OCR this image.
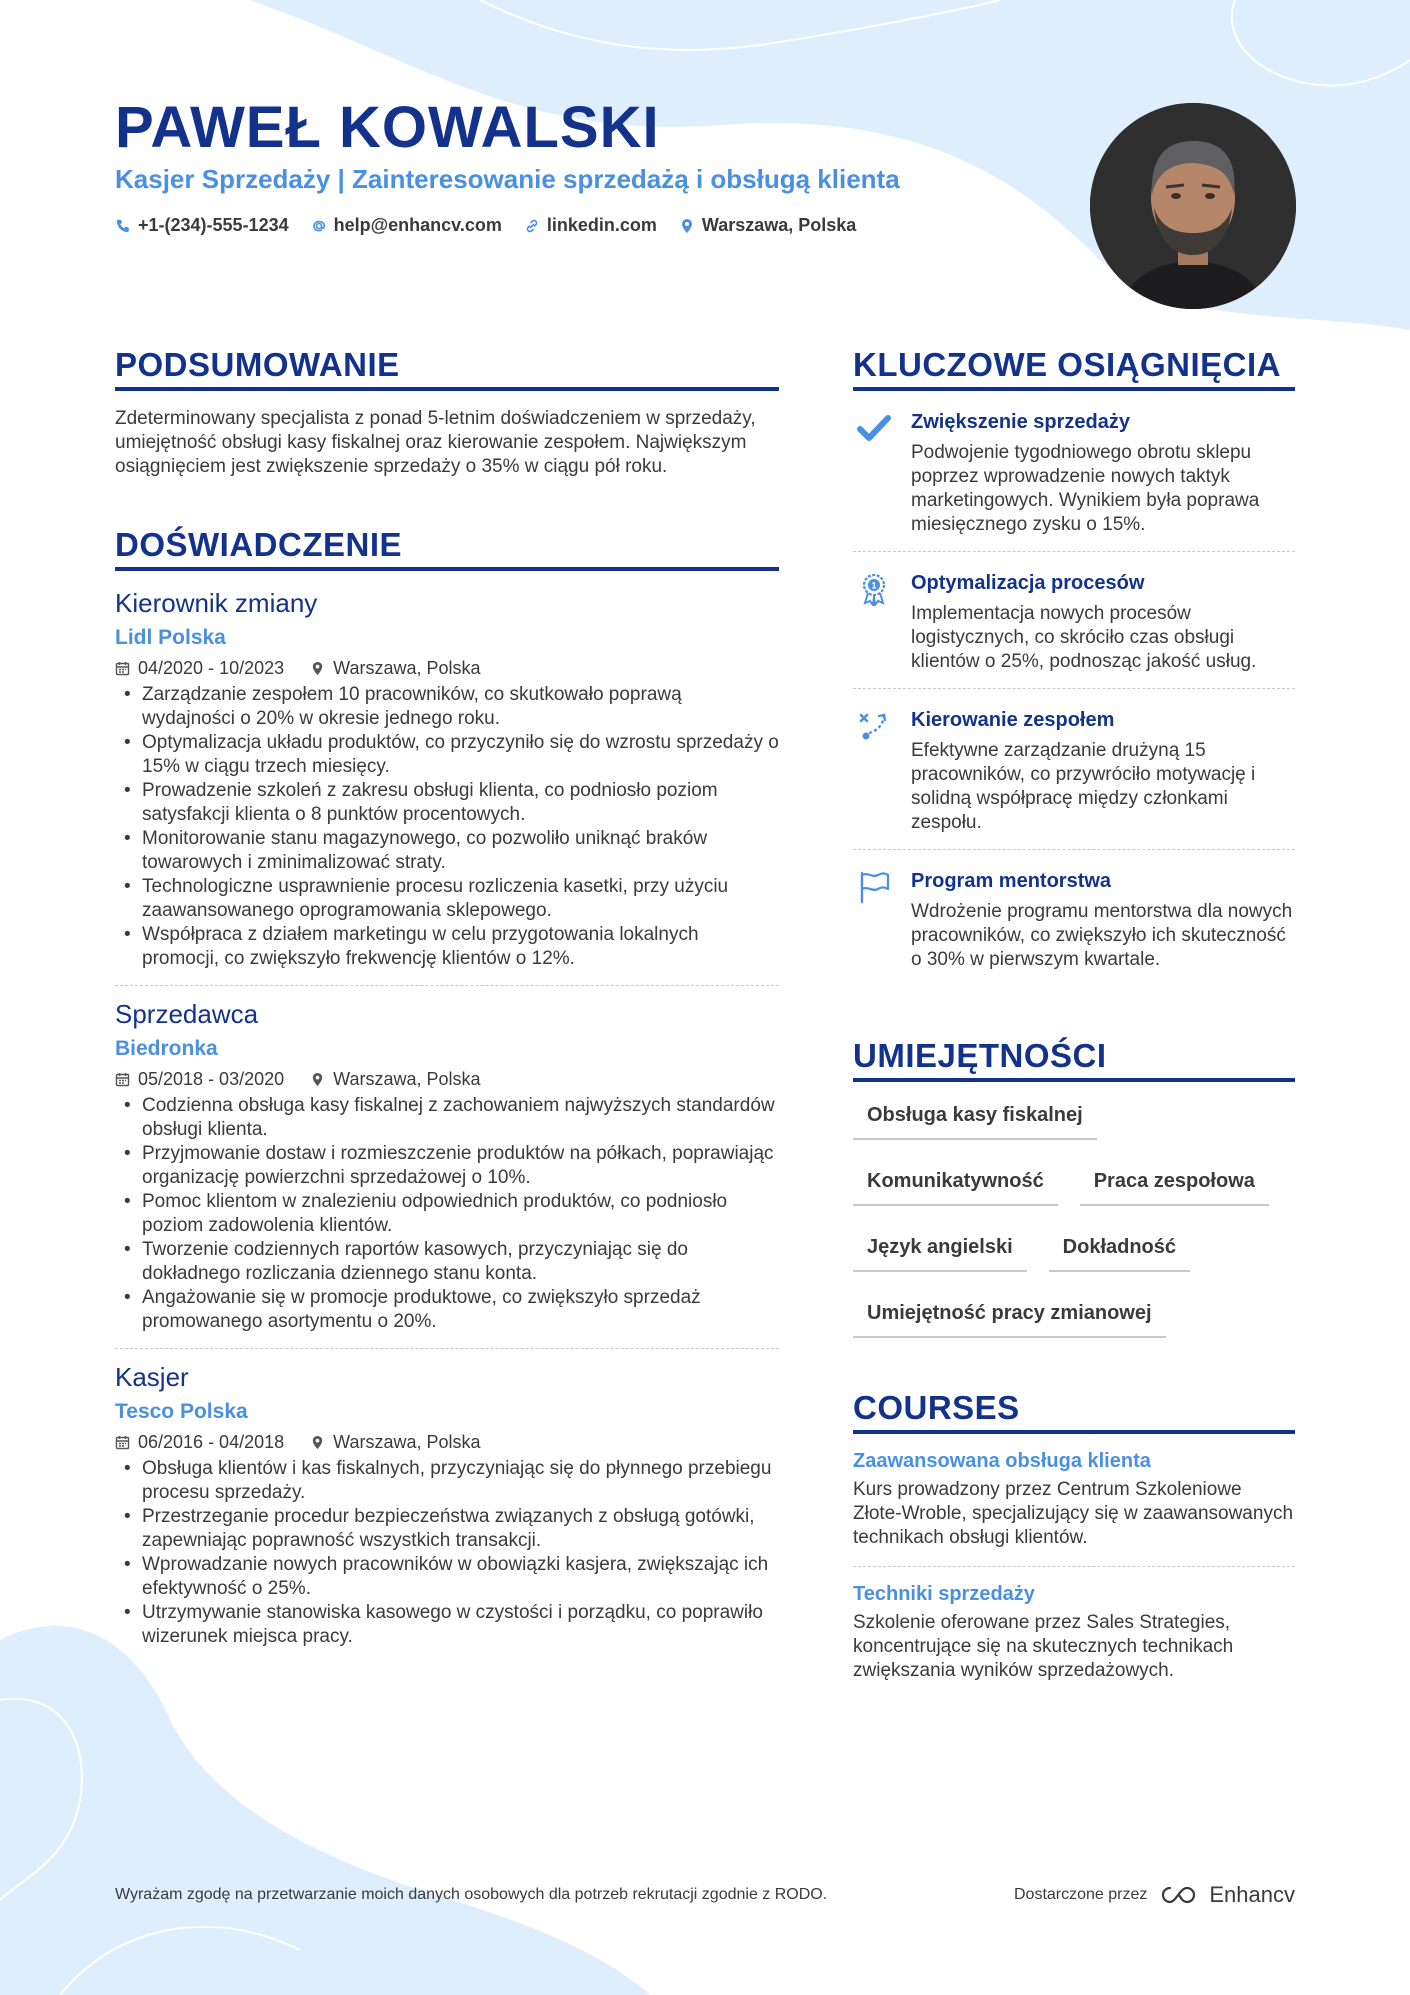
PAWEŁ KOWALSKI
Kasjer Sprzedaży | Zainteresowanie sprzedażą i obsługą klienta
+1-(234)-555-1234	help@enhancv.com	linkedin.com	Warszawa, Polska
PODSUMOWANIE
Zdeterminowany specjalista z ponad 5-letnim doświadczeniem w sprzedaży, umiejętność obsługi kasy fiskalnej oraz kierowanie zespołem. Największym osiągnięciem jest zwiększenie sprzedaży o 35% w ciągu pół roku.
DOŚWIADCZENIE
Kierownik zmiany
Lidl Polska
04/2020 - 10/2023	Warszawa, Polska
• Zarządzanie zespołem 10 pracowników, co skutkowało poprawą wydajności o 20% w okresie jednego roku.
• Optymalizacja układu produktów, co przyczyniło się do wzrostu sprzedaży o 15% w ciągu trzech miesięcy.
• Prowadzenie szkoleń z zakresu obsługi klienta, co podniosło poziom satysfakcji klienta o 8 punktów procentowych.
• Monitorowanie stanu magazynowego, co pozwoliło uniknąć braków towarowych i zminimalizować straty.
• Technologiczne usprawnienie procesu rozliczenia kasetki, przy użyciu zaawansowanego oprogramowania sklepowego.
• Współpraca z działem marketingu w celu przygotowania lokalnych promocji, co zwiększyło frekwencję klientów o 12%.
Sprzedawca
Biedronka
05/2018 - 03/2020	Warszawa, Polska
• Codzienna obsługa kasy fiskalnej z zachowaniem najwyższych standardów obsługi klienta.
• Przyjmowanie dostaw i rozmieszczenie produktów na półkach, poprawiając organizację powierzchni sprzedażowej o 10%.
• Pomoc klientom w znalezieniu odpowiednich produktów, co podniosło poziom zadowolenia klientów.
• Tworzenie codziennych raportów kasowych, przyczyniając się do dokładnego rozliczania dziennego stanu konta.
• Angażowanie się w promocje produktowe, co zwiększyło sprzedaż promowanego asortymentu o 20%.
Kasjer
Tesco Polska
06/2016 - 04/2018	Warszawa, Polska
• Obsługa klientów i kas fiskalnych, przyczyniając się do płynnego przebiegu procesu sprzedaży.
• Przestrzeganie procedur bezpieczeństwa związanych z obsługą gotówki, zapewniając poprawność wszystkich transakcji.
• Wprowadzanie nowych pracowników w obowiązki kasjera, zwiększając ich efektywność o 25%.
• Utrzymywanie stanowiska kasowego w czystości i porządku, co poprawiło wizerunek miejsca pracy.
KLUCZOWE OSIĄGNIĘCIA
Zwiększenie sprzedaży
Podwojenie tygodniowego obrotu sklepu poprzez wprowadzenie nowych taktyk marketingowych. Wynikiem była poprawa miesięcznego zysku o 15%.
1 Optymalizacja procesów
Implementacja nowych procesów logistycznych, co skróciło czas obsługi klientów o 25%, podnosząc jakość usług.
Kierowanie zespołem
Efektywne zarządzanie drużyną 15 pracowników, co przywróciło motywację i solidną współpracę między członkami zespołu.
Program mentorstwa
Wdrożenie programu mentorstwa dla nowych pracowników, co zwiększyło ich skuteczność o 30% w pierwszym kwartale.
UMIEJĘTNOŚCI
Obsługa kasy fiskalnej
Komunikatywność	Praca zespołowa
Język angielski	Dokładność
Umiejętność pracy zmianowej
COURSES
Zaawansowana obsługa klienta
Kurs prowadzony przez Centrum Szkoleniowe Złote-Wroble, specjalizujący się w zaawansowanych technikach obsługi klientów.
Techniki sprzedaży
Szkolenie oferowane przez Sales Strategies, koncentrujące się na skutecznych technikach zwiększania wyników sprzedażowych.
Wyrażam zgodę na przetwarzanie moich danych osobowych dla potrzeb rekrutacji zgodnie z RODO.	Dostarczone przez	Enhancv
